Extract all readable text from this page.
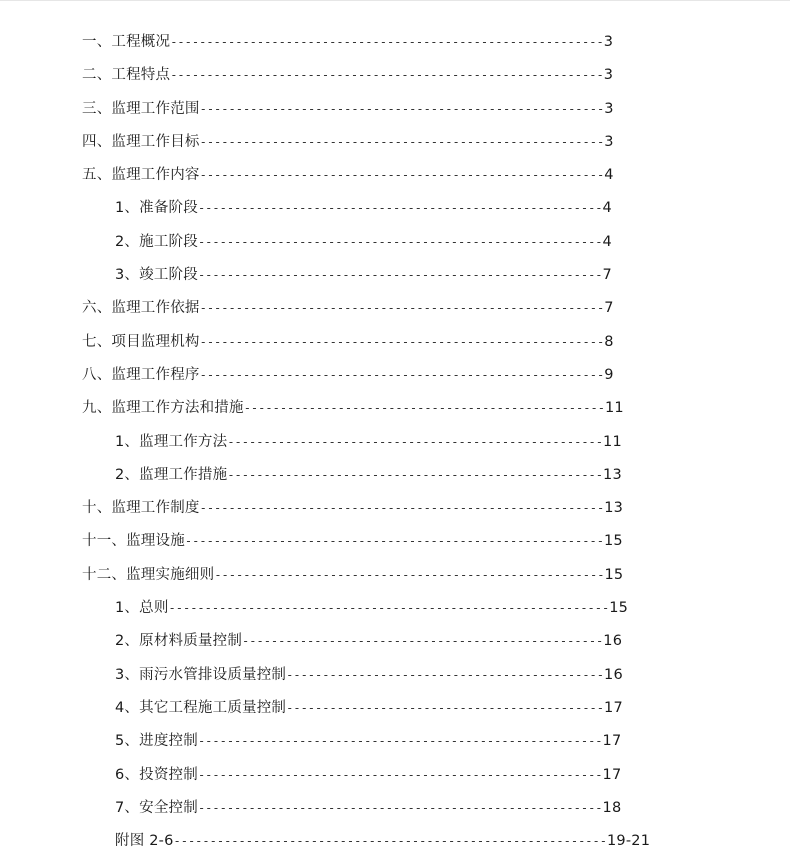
一、工程概况------------------------------------------------------------3
二、工程特点------------------------------------------------------------3
三、监理工作范围--------------------------------------------------------3
四、监理工作目标--------------------------------------------------------3
五、监理工作内容--------------------------------------------------------4
1、准备阶段--------------------------------------------------------4
2、施工阶段--------------------------------------------------------4
3、竣工阶段--------------------------------------------------------7
六、监理工作依据--------------------------------------------------------7
七、项目监理机构--------------------------------------------------------8
八、监理工作程序--------------------------------------------------------9
九、监理工作方法和措施--------------------------------------------------11
1、监理工作方法----------------------------------------------------11
2、监理工作措施----------------------------------------------------13
十、监理工作制度--------------------------------------------------------13
十一、监理设施----------------------------------------------------------15
十二、监理实施细则------------------------------------------------------15
1、总则-------------------------------------------------------------15
2、原材料质量控制--------------------------------------------------16
3、雨污水管排设质量控制--------------------------------------------16
4、其它工程施工质量控制--------------------------------------------17
5、进度控制--------------------------------------------------------17
6、投资控制--------------------------------------------------------17
7、安全控制--------------------------------------------------------18
附图 2-6------------------------------------------------------------19-21
